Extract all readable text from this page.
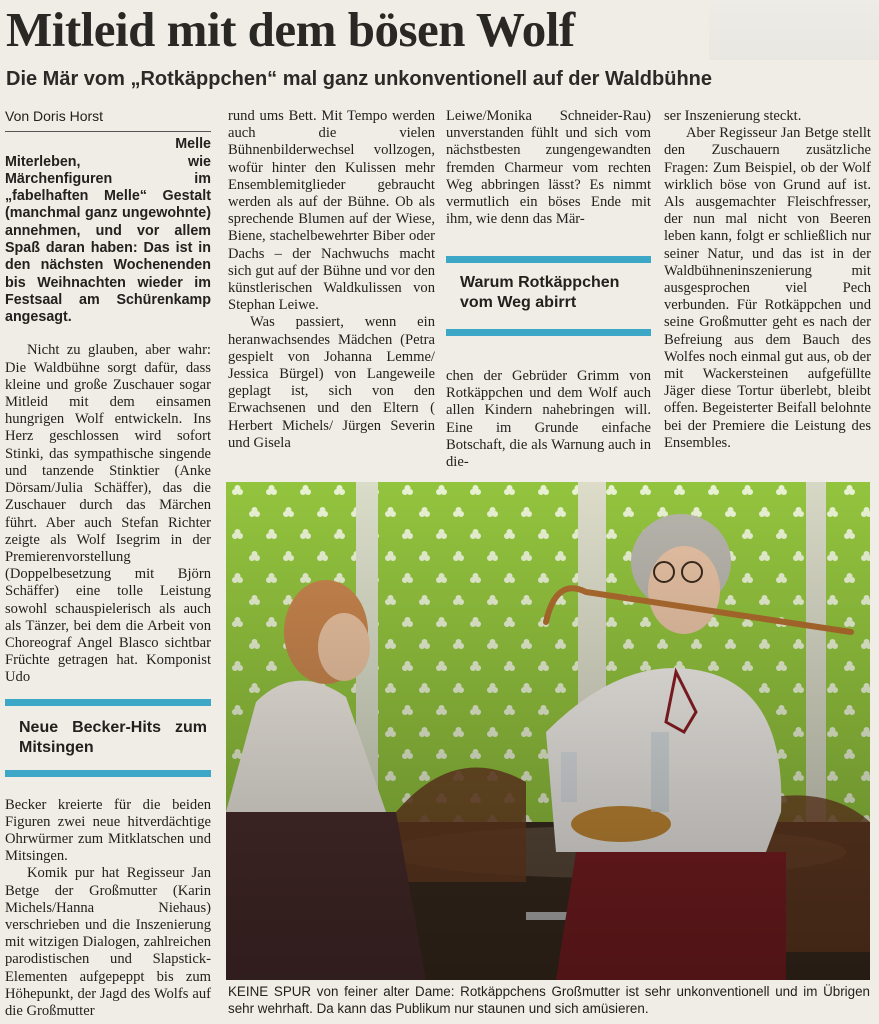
Mitleid mit dem bösen Wolf
Die Mär vom „Rotkäppchen“ mal ganz unkonventionell auf der Waldbühne
Von Doris Horst

Melle
Miterleben, wie Märchenfiguren im „fabelhaften Melle“ Gestalt (manchmal ganz ungewohnte) annehmen, und vor allem Spaß daran haben: Das ist in den nächsten Wochenenden bis Weihnachten wieder im Festsaal am Schürenkamp angesagt.

Nicht zu glauben, aber wahr: Die Waldbühne sorgt dafür, dass kleine und große Zuschauer sogar Mitleid mit dem einsamen hungrigen Wolf entwickeln. Ins Herz geschlossen wird sofort Stinki, das sympathische singende und tanzende Stinktier (Anke Dörsam/Julia Schäffer), das die Zuschauer durch das Märchen führt. Aber auch Stefan Richter zeigte als Wolf Isegrim in der Premierenvorstellung (Doppelbesetzung mit Björn Schäffer) eine tolle Leistung sowohl schauspielerisch als auch als Tänzer, bei dem die Arbeit von Choreograf Angel Blasco sichtbar Früchte getragen hat. Komponist Udo

Neue Becker-Hits zum Mitsingen

Becker kreierte für die beiden Figuren zwei neue hitverdächtige Ohrwürmer zum Mitklatschen und Mitsingen.

Komik pur hat Regisseur Jan Betge der Großmutter (Karin Michels/Hanna Niehaus) verschrieben und die Inszenierung mit witzigen Dialogen, zahlreichen parodistischen und Slapstick-Elementen aufgepeppt bis zum Höhepunkt, der Jagd des Wolfs auf die Großmutter

rund ums Bett. Mit Tempo werden auch die vielen Bühnenbilderwechsel vollzogen, wofür hinter den Kulissen mehr Ensemblemitglieder gebraucht werden als auf der Bühne. Ob als sprechende Blumen auf der Wiese, Biene, stachelbewehrter Biber oder Dachs – der Nachwuchs macht sich gut auf der Bühne und vor den künstlerischen Waldkulissen von Stephan Leiwe.

Was passiert, wenn ein heranwachsendes Mädchen (Petra gespielt von Johanna Lemme/ Jessica Bürgel) von Langeweile geplagt ist, sich von den Erwachsenen und den Eltern ( Herbert Michels/ Jürgen Severin und Gisela

Leiwe/Monika Schneider-Rau) unverstanden fühlt und sich vom nächstbesten zungengewandten fremden Charmeur vom rechten Weg abbringen lässt? Es nimmt vermutlich ein böses Ende mit ihm, wie denn das Mär-

Warum Rotkäppchen vom Weg abirrt

chen der Gebrüder Grimm von Rotkäppchen und dem Wolf auch allen Kindern nahebringen will. Eine im Grunde einfache Botschaft, die als Warnung auch in die-

ser Inszenierung steckt.

Aber Regisseur Jan Betge stellt den Zuschauern zusätzliche Fragen: Zum Beispiel, ob der Wolf wirklich böse von Grund auf ist. Als ausgemachter Fleischfresser, der nun mal nicht von Beeren leben kann, folgt er schließlich nur seiner Natur, und das ist in der Waldbühneninszenierung mit ausgesprochen viel Pech verbunden. Für Rotkäppchen und seine Großmutter geht es nach der Befreiung aus dem Bauch des Wolfes noch einmal gut aus, ob der mit Wackersteinen aufgefüllte Jäger diese Tortur überlebt, bleibt offen. Begeisterter Beifall belohnte bei der Premiere die Leistung des Ensembles.

KEINE SPUR von feiner alter Dame: Rotkäppchens Großmutter ist sehr unkonventionell und im Übrigen sehr wehrhaft. Da kann das Publikum nur staunen und sich amüsieren.
